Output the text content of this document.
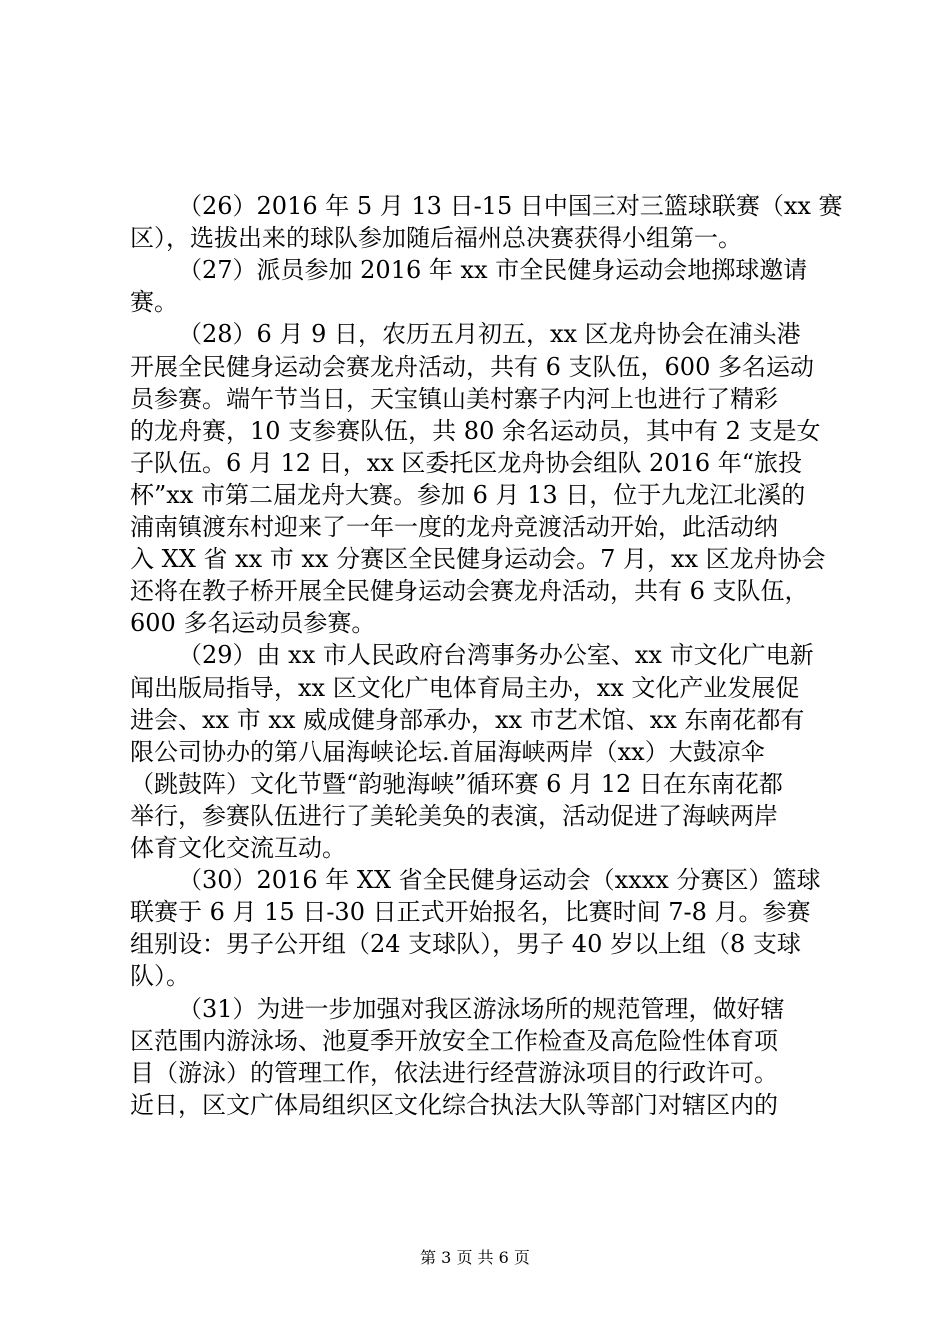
（26）2016 年 5 月 13 日-15 日中国三对三篮球联赛（xx 赛
区），选拔出来的球队参加随后福州总决赛获得小组第一。
（27）派员参加 2016 年 xx 市全民健身运动会地掷球邀请
赛。
（28）6 月 9 日，农历五月初五，xx 区龙舟协会在浦头港
开展全民健身运动会赛龙舟活动，共有 6 支队伍，600 多名运动
员参赛。端午节当日，天宝镇山美村寨子内河上也进行了精彩
的龙舟赛，10 支参赛队伍，共 80 余名运动员，其中有 2 支是女
子队伍。6 月 12 日，xx 区委托区龙舟协会组队 2016 年“旅投
杯”xx 市第二届龙舟大赛。参加 6 月 13 日，位于九龙江北溪的
浦南镇渡东村迎来了一年一度的龙舟竞渡活动开始，此活动纳
入 XX 省 xx 市 xx 分赛区全民健身运动会。7 月，xx 区龙舟协会
还将在教子桥开展全民健身运动会赛龙舟活动，共有 6 支队伍，
600 多名运动员参赛。
（29）由 xx 市人民政府台湾事务办公室、xx 市文化广电新
闻出版局指导，xx 区文化广电体育局主办，xx 文化产业发展促
进会、xx 市 xx 威成健身部承办，xx 市艺术馆、xx 东南花都有
限公司协办的第八届海峡论坛.首届海峡两岸（xx）大鼓凉伞
（跳鼓阵）文化节暨“韵驰海峡”循环赛 6 月 12 日在东南花都
举行，参赛队伍进行了美轮美奂的表演，活动促进了海峡两岸
体育文化交流互动。
（30）2016 年 XX 省全民健身运动会（xxxx 分赛区）篮球
联赛于 6 月 15 日-30 日正式开始报名，比赛时间 7-8 月。参赛
组别设：男子公开组（24 支球队），男子 40 岁以上组（8 支球
队）。
（31）为进一步加强对我区游泳场所的规范管理，做好辖
区范围内游泳场、池夏季开放安全工作检查及高危险性体育项
目（游泳）的管理工作，依法进行经营游泳项目的行政许可。
近日，区文广体局组织区文化综合执法大队等部门对辖区内的
第 3 页 共 6 页
